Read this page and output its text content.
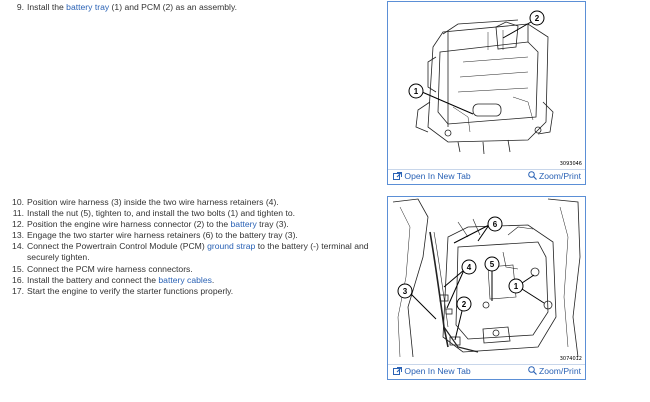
9. Install the battery tray (1) and PCM (2) as an assembly.
10. Position wire harness (3) inside the two wire harness retainers (4).
11. Install the nut (5), tighten to, and install the two bolts (1) and tighten to.
12. Position the engine wire harness connector (2) to the battery tray (3).
13. Engage the two starter wire harness retainers (6) to the battery tray (3).
14. Connect the Powertrain Control Module (PCM) ground strap to the battery (-) terminal and
securely tighten.
15. Connect the PCM wire harness connectors.
16. Install the battery and connect the battery cables.
17. Start the engine to verify the starter functions properly.
1
2
3093046
Open In New Tab	Zoom/Print
6
4 5
1
3
2
3074012
Open In New Tab	Zoom/Print
